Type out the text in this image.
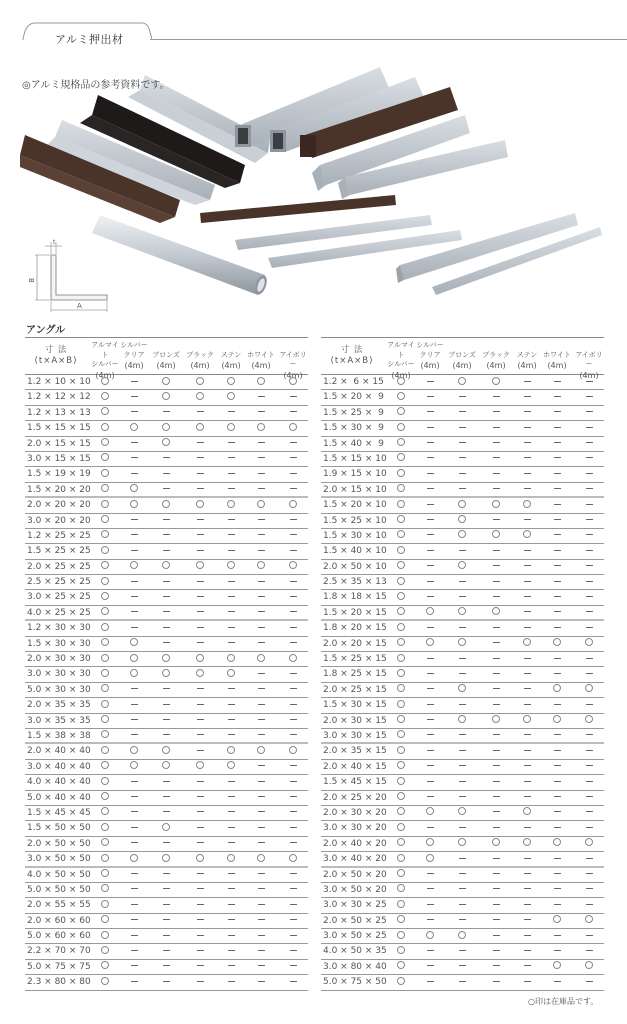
アルミ押出材
◎アルミ規格品の参考資料です。
t
B
A
アングル
寸 法
(t×A×B)
アルマイト
シルバー
(4m)
シルバー
クリア
(4m)
ブロンズ
(4m)
ブラック
(4m)
ステン
(4m)
ホワイト
(4m)
アイボリー
(4m)
1.2 × 10 × 10
1.2 × 12 × 12
1.2 × 13 × 13
1.5 × 15 × 15
2.0 × 15 × 15
3.0 × 15 × 15
1.5 × 19 × 19
1.5 × 20 × 20
2.0 × 20 × 20
3.0 × 20 × 20
1.2 × 25 × 25
1.5 × 25 × 25
2.0 × 25 × 25
2.5 × 25 × 25
3.0 × 25 × 25
4.0 × 25 × 25
1.2 × 30 × 30
1.5 × 30 × 30
2.0 × 30 × 30
3.0 × 30 × 30
5.0 × 30 × 30
2.0 × 35 × 35
3.0 × 35 × 35
1.5 × 38 × 38
2.0 × 40 × 40
3.0 × 40 × 40
4.0 × 40 × 40
5.0 × 40 × 40
1.5 × 45 × 45
1.5 × 50 × 50
2.0 × 50 × 50
3.0 × 50 × 50
4.0 × 50 × 50
5.0 × 50 × 50
2.0 × 55 × 55
2.0 × 60 × 60
5.0 × 60 × 60
2.2 × 70 × 70
5.0 × 75 × 75
2.3 × 80 × 80
寸 法
(t×A×B)
アルマイト
シルバー
(4m)
シルバー
クリア
(4m)
ブロンズ
(4m)
ブラック
(4m)
ステン
(4m)
ホワイト
(4m)
アイボリー
(4m)
1.2 ×  6 × 15
1.5 × 20 ×  9
1.5 × 25 ×  9
1.5 × 30 ×  9
1.5 × 40 ×  9
1.5 × 15 × 10
1.9 × 15 × 10
2.0 × 15 × 10
1.5 × 20 × 10
1.5 × 25 × 10
1.5 × 30 × 10
1.5 × 40 × 10
2.0 × 50 × 10
2.5 × 35 × 13
1.8 × 18 × 15
1.5 × 20 × 15
1.8 × 20 × 15
2.0 × 20 × 15
1.5 × 25 × 15
1.8 × 25 × 15
2.0 × 25 × 15
1.5 × 30 × 15
2.0 × 30 × 15
3.0 × 30 × 15
2.0 × 35 × 15
2.0 × 40 × 15
1.5 × 45 × 15
2.0 × 25 × 20
2.0 × 30 × 20
3.0 × 30 × 20
2.0 × 40 × 20
3.0 × 40 × 20
2.0 × 50 × 20
3.0 × 50 × 20
3.0 × 30 × 25
2.0 × 50 × 25
3.0 × 50 × 25
4.0 × 50 × 35
3.0 × 80 × 40
5.0 × 75 × 50
○印は在庫品です。
